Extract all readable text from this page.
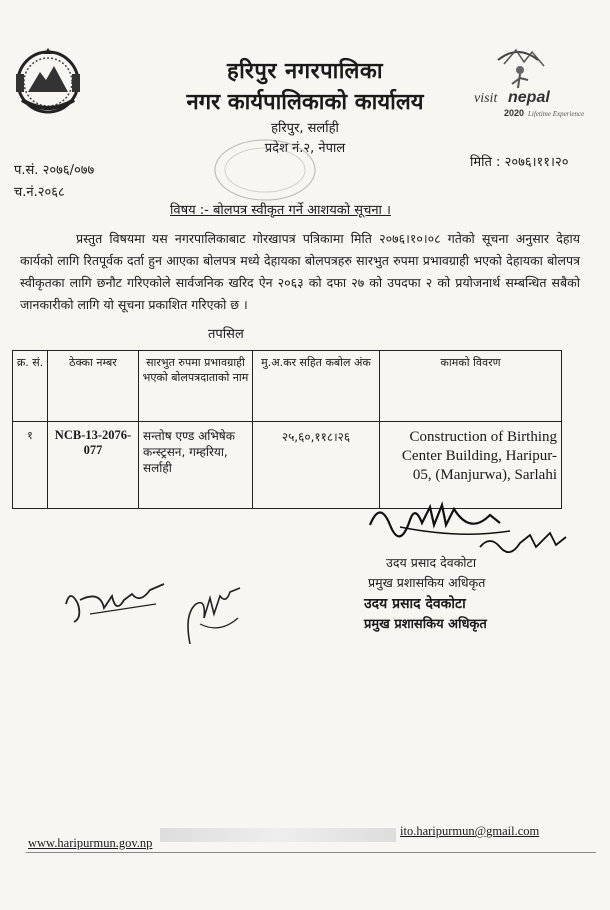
visit nepal
2020 Lifetime Experience
हरिपुर नगरपालिका
नगर कार्यपालिकाको कार्यालय
हरिपुर, सर्लाही
प्रदेश नं.२, नेपाल
प.सं. २०७६/०७७
च.नं.२०६८
मिति : २०७६।११।२०
विषय :- बोलपत्र स्वीकृत गर्ने आशयको सूचना ।
प्रस्तुत विषयमा यस नगरपालिकाबाट गोरखापत्र पत्रिकामा मिति २०७६।१०।०८ गतेको सूचना अनुसार देहाय कार्यको लागि रितपूर्वक दर्ता हुन आएका बोलपत्र मध्ये देहायका बोलपत्रहरु सारभुत रुपमा प्रभावग्राही भएको देहायका बोलपत्र स्वीकृतका लागि छनौट गरिएकोले सार्वजनिक खरिद ऐन २०६३ को दफा २७ को उपदफा २ को प्रयोजनार्थ सम्बन्धित सबैको जानकारीको लागि यो सूचना प्रकाशित गरिएको छ ।
तपसिल
क्र. सं.	ठेक्का नम्बर	सारभुत रुपमा प्रभावग्राही भएको बोलपत्रदाताको नाम	मु.अ.कर सहित कबोल अंक	कामको विवरण
१	NCB-13-2076-077	सन्तोष एण्ड अभिषेक कन्स्ट्रसन, गम्हरिया, सर्लाही	२५,६०,११८।२६	Construction of Birthing Center Building, Haripur-05, (Manjurwa), Sarlahi
उदय प्रसाद देवकोटा
प्रमुख प्रशासकिय अधिकृत
उदय प्रसाद देवकोटा
प्रमुख प्रशासकिय अधिकृत
www.haripurmun.gov.np
ito.haripurmun@gmail.com
